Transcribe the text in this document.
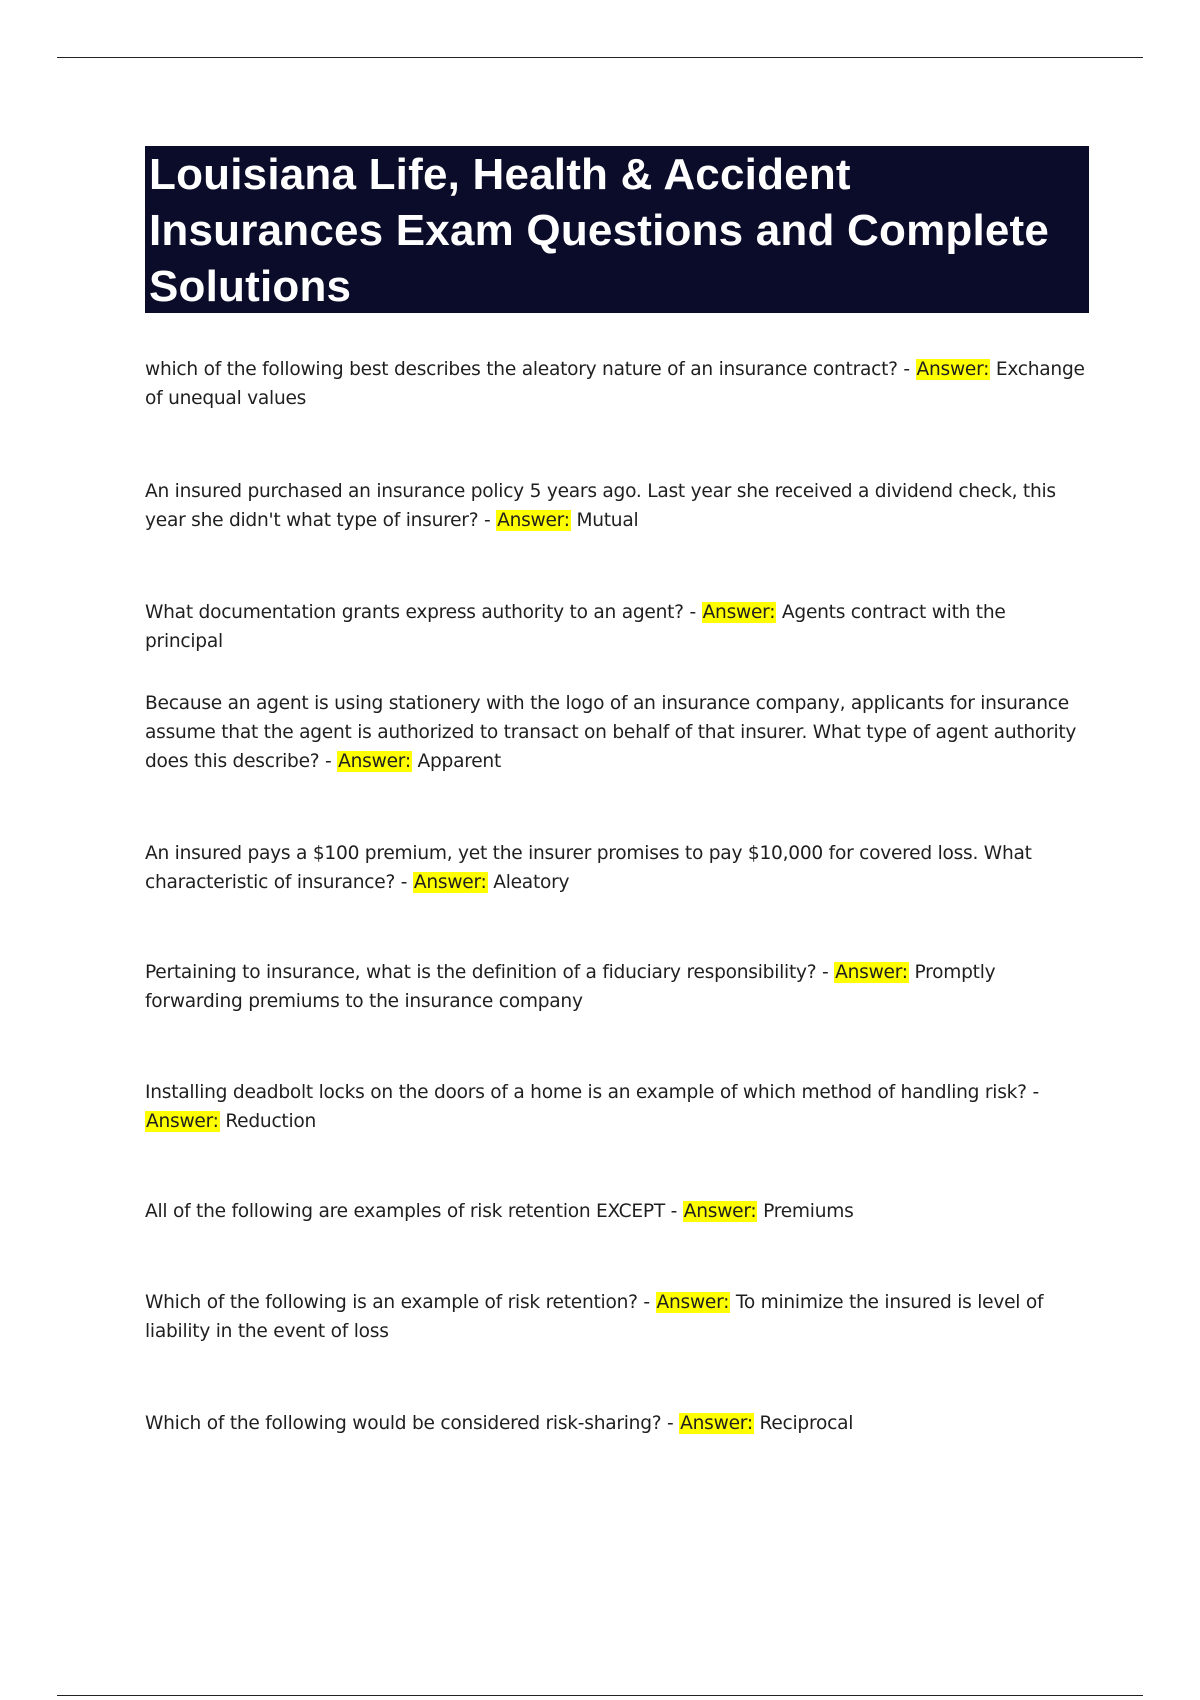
Louisiana Life, Health & Accident Insurances Exam Questions and Complete Solutions

which of the following best describes the aleatory nature of an insurance contract? - Answer: Exchange of unequal values

An insured purchased an insurance policy 5 years ago. Last year she received a dividend check, this year she didn't what type of insurer? - Answer: Mutual

What documentation grants express authority to an agent? - Answer: Agents contract with the principal

Because an agent is using stationery with the logo of an insurance company, applicants for insurance assume that the agent is authorized to transact on behalf of that insurer. What type of agent authority does this describe? - Answer: Apparent

An insured pays a $100 premium, yet the insurer promises to pay $10,000 for covered loss. What characteristic of insurance? - Answer: Aleatory

Pertaining to insurance, what is the definition of a fiduciary responsibility? - Answer: Promptly forwarding premiums to the insurance company

Installing deadbolt locks on the doors of a home is an example of which method of handling risk? - Answer: Reduction

All of the following are examples of risk retention EXCEPT - Answer: Premiums

Which of the following is an example of risk retention? - Answer: To minimize the insured is level of liability in the event of loss

Which of the following would be considered risk-sharing? - Answer: Reciprocal
